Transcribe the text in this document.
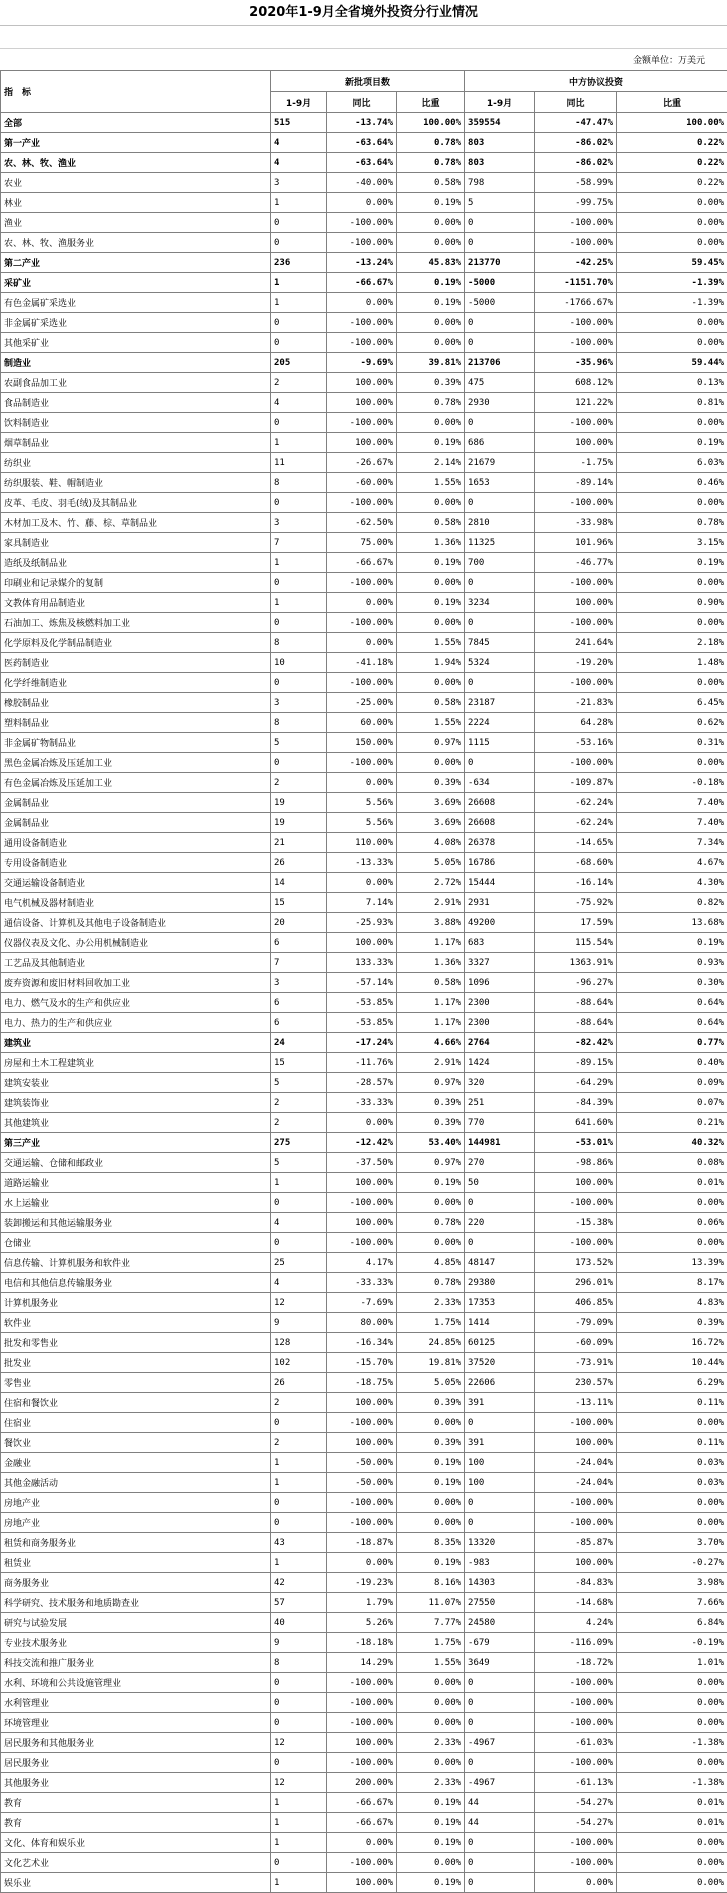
2020年1-9月全省境外投资分行业情况
金额单位：万美元
指　标	新批项目数			中方协议投资		
	1-9月	同比	比重	1-9月	同比	比重
全部	515	-13.74%	100.00%	359554	-47.47%	100.00%
第一产业	4	-63.64%	0.78%	803	-86.02%	0.22%
农、林、牧、渔业	4	-63.64%	0.78%	803	-86.02%	0.22%
农业	3	-40.00%	0.58%	798	-58.99%	0.22%
林业	1	0.00%	0.19%	5	-99.75%	0.00%
渔业	0	-100.00%	0.00%	0	-100.00%	0.00%
农、林、牧、渔服务业	0	-100.00%	0.00%	0	-100.00%	0.00%
第二产业	236	-13.24%	45.83%	213770	-42.25%	59.45%
采矿业	1	-66.67%	0.19%	-5000	-1151.70%	-1.39%
有色金属矿采选业	1	0.00%	0.19%	-5000	-1766.67%	-1.39%
非金属矿采选业	0	-100.00%	0.00%	0	-100.00%	0.00%
其他采矿业	0	-100.00%	0.00%	0	-100.00%	0.00%
制造业	205	-9.69%	39.81%	213706	-35.96%	59.44%
农副食品加工业	2	100.00%	0.39%	475	608.12%	0.13%
食品制造业	4	100.00%	0.78%	2930	121.22%	0.81%
饮料制造业	0	-100.00%	0.00%	0	-100.00%	0.00%
烟草制品业	1	100.00%	0.19%	686	100.00%	0.19%
纺织业	11	-26.67%	2.14%	21679	-1.75%	6.03%
纺织服装、鞋、帽制造业	8	-60.00%	1.55%	1653	-89.14%	0.46%
皮革、毛皮、羽毛(绒)及其制品业	0	-100.00%	0.00%	0	-100.00%	0.00%
木材加工及木、竹、藤、棕、草制品业	3	-62.50%	0.58%	2810	-33.98%	0.78%
家具制造业	7	75.00%	1.36%	11325	101.96%	3.15%
造纸及纸制品业	1	-66.67%	0.19%	700	-46.77%	0.19%
印刷业和记录媒介的复制	0	-100.00%	0.00%	0	-100.00%	0.00%
文教体育用品制造业	1	0.00%	0.19%	3234	100.00%	0.90%
石油加工、炼焦及核燃料加工业	0	-100.00%	0.00%	0	-100.00%	0.00%
化学原料及化学制品制造业	8	0.00%	1.55%	7845	241.64%	2.18%
医药制造业	10	-41.18%	1.94%	5324	-19.20%	1.48%
化学纤维制造业	0	-100.00%	0.00%	0	-100.00%	0.00%
橡胶制品业	3	-25.00%	0.58%	23187	-21.83%	6.45%
塑料制品业	8	60.00%	1.55%	2224	64.28%	0.62%
非金属矿物制品业	5	150.00%	0.97%	1115	-53.16%	0.31%
黑色金属冶炼及压延加工业	0	-100.00%	0.00%	0	-100.00%	0.00%
有色金属冶炼及压延加工业	2	0.00%	0.39%	-634	-109.87%	-0.18%
金属制品业	19	5.56%	3.69%	26608	-62.24%	7.40%
金属制品业	19	5.56%	3.69%	26608	-62.24%	7.40%
通用设备制造业	21	110.00%	4.08%	26378	-14.65%	7.34%
专用设备制造业	26	-13.33%	5.05%	16786	-68.60%	4.67%
交通运输设备制造业	14	0.00%	2.72%	15444	-16.14%	4.30%
电气机械及器材制造业	15	7.14%	2.91%	2931	-75.92%	0.82%
通信设备、计算机及其他电子设备制造业	20	-25.93%	3.88%	49200	17.59%	13.68%
仪器仪表及文化、办公用机械制造业	6	100.00%	1.17%	683	115.54%	0.19%
工艺品及其他制造业	7	133.33%	1.36%	3327	1363.91%	0.93%
废弃资源和废旧材料回收加工业	3	-57.14%	0.58%	1096	-96.27%	0.30%
电力、燃气及水的生产和供应业	6	-53.85%	1.17%	2300	-88.64%	0.64%
电力、热力的生产和供应业	6	-53.85%	1.17%	2300	-88.64%	0.64%
建筑业	24	-17.24%	4.66%	2764	-82.42%	0.77%
房屋和土木工程建筑业	15	-11.76%	2.91%	1424	-89.15%	0.40%
建筑安装业	5	-28.57%	0.97%	320	-64.29%	0.09%
建筑装饰业	2	-33.33%	0.39%	251	-84.39%	0.07%
其他建筑业	2	0.00%	0.39%	770	641.60%	0.21%
第三产业	275	-12.42%	53.40%	144981	-53.01%	40.32%
交通运输、仓储和邮政业	5	-37.50%	0.97%	270	-98.86%	0.08%
道路运输业	1	100.00%	0.19%	50	100.00%	0.01%
水上运输业	0	-100.00%	0.00%	0	-100.00%	0.00%
装卸搬运和其他运输服务业	4	100.00%	0.78%	220	-15.38%	0.06%
仓储业	0	-100.00%	0.00%	0	-100.00%	0.00%
信息传输、计算机服务和软件业	25	4.17%	4.85%	48147	173.52%	13.39%
电信和其他信息传输服务业	4	-33.33%	0.78%	29380	296.01%	8.17%
计算机服务业	12	-7.69%	2.33%	17353	406.85%	4.83%
软件业	9	80.00%	1.75%	1414	-79.09%	0.39%
批发和零售业	128	-16.34%	24.85%	60125	-60.09%	16.72%
批发业	102	-15.70%	19.81%	37520	-73.91%	10.44%
零售业	26	-18.75%	5.05%	22606	230.57%	6.29%
住宿和餐饮业	2	100.00%	0.39%	391	-13.11%	0.11%
住宿业	0	-100.00%	0.00%	0	-100.00%	0.00%
餐饮业	2	100.00%	0.39%	391	100.00%	0.11%
金融业	1	-50.00%	0.19%	100	-24.04%	0.03%
其他金融活动	1	-50.00%	0.19%	100	-24.04%	0.03%
房地产业	0	-100.00%	0.00%	0	-100.00%	0.00%
房地产业	0	-100.00%	0.00%	0	-100.00%	0.00%
租赁和商务服务业	43	-18.87%	8.35%	13320	-85.87%	3.70%
租赁业	1	0.00%	0.19%	-983	100.00%	-0.27%
商务服务业	42	-19.23%	8.16%	14303	-84.83%	3.98%
科学研究、技术服务和地质勘查业	57	1.79%	11.07%	27550	-14.68%	7.66%
研究与试验发展	40	5.26%	7.77%	24580	4.24%	6.84%
专业技术服务业	9	-18.18%	1.75%	-679	-116.09%	-0.19%
科技交流和推广服务业	8	14.29%	1.55%	3649	-18.72%	1.01%
水利、环境和公共设施管理业	0	-100.00%	0.00%	0	-100.00%	0.00%
水利管理业	0	-100.00%	0.00%	0	-100.00%	0.00%
环境管理业	0	-100.00%	0.00%	0	-100.00%	0.00%
居民服务和其他服务业	12	100.00%	2.33%	-4967	-61.03%	-1.38%
居民服务业	0	-100.00%	0.00%	0	-100.00%	0.00%
其他服务业	12	200.00%	2.33%	-4967	-61.13%	-1.38%
教育	1	-66.67%	0.19%	44	-54.27%	0.01%
教育	1	-66.67%	0.19%	44	-54.27%	0.01%
文化、体育和娱乐业	1	0.00%	0.19%	0	-100.00%	0.00%
文化艺术业	0	-100.00%	0.00%	0	-100.00%	0.00%
娱乐业	1	100.00%	0.19%	0	0.00%	0.00%
